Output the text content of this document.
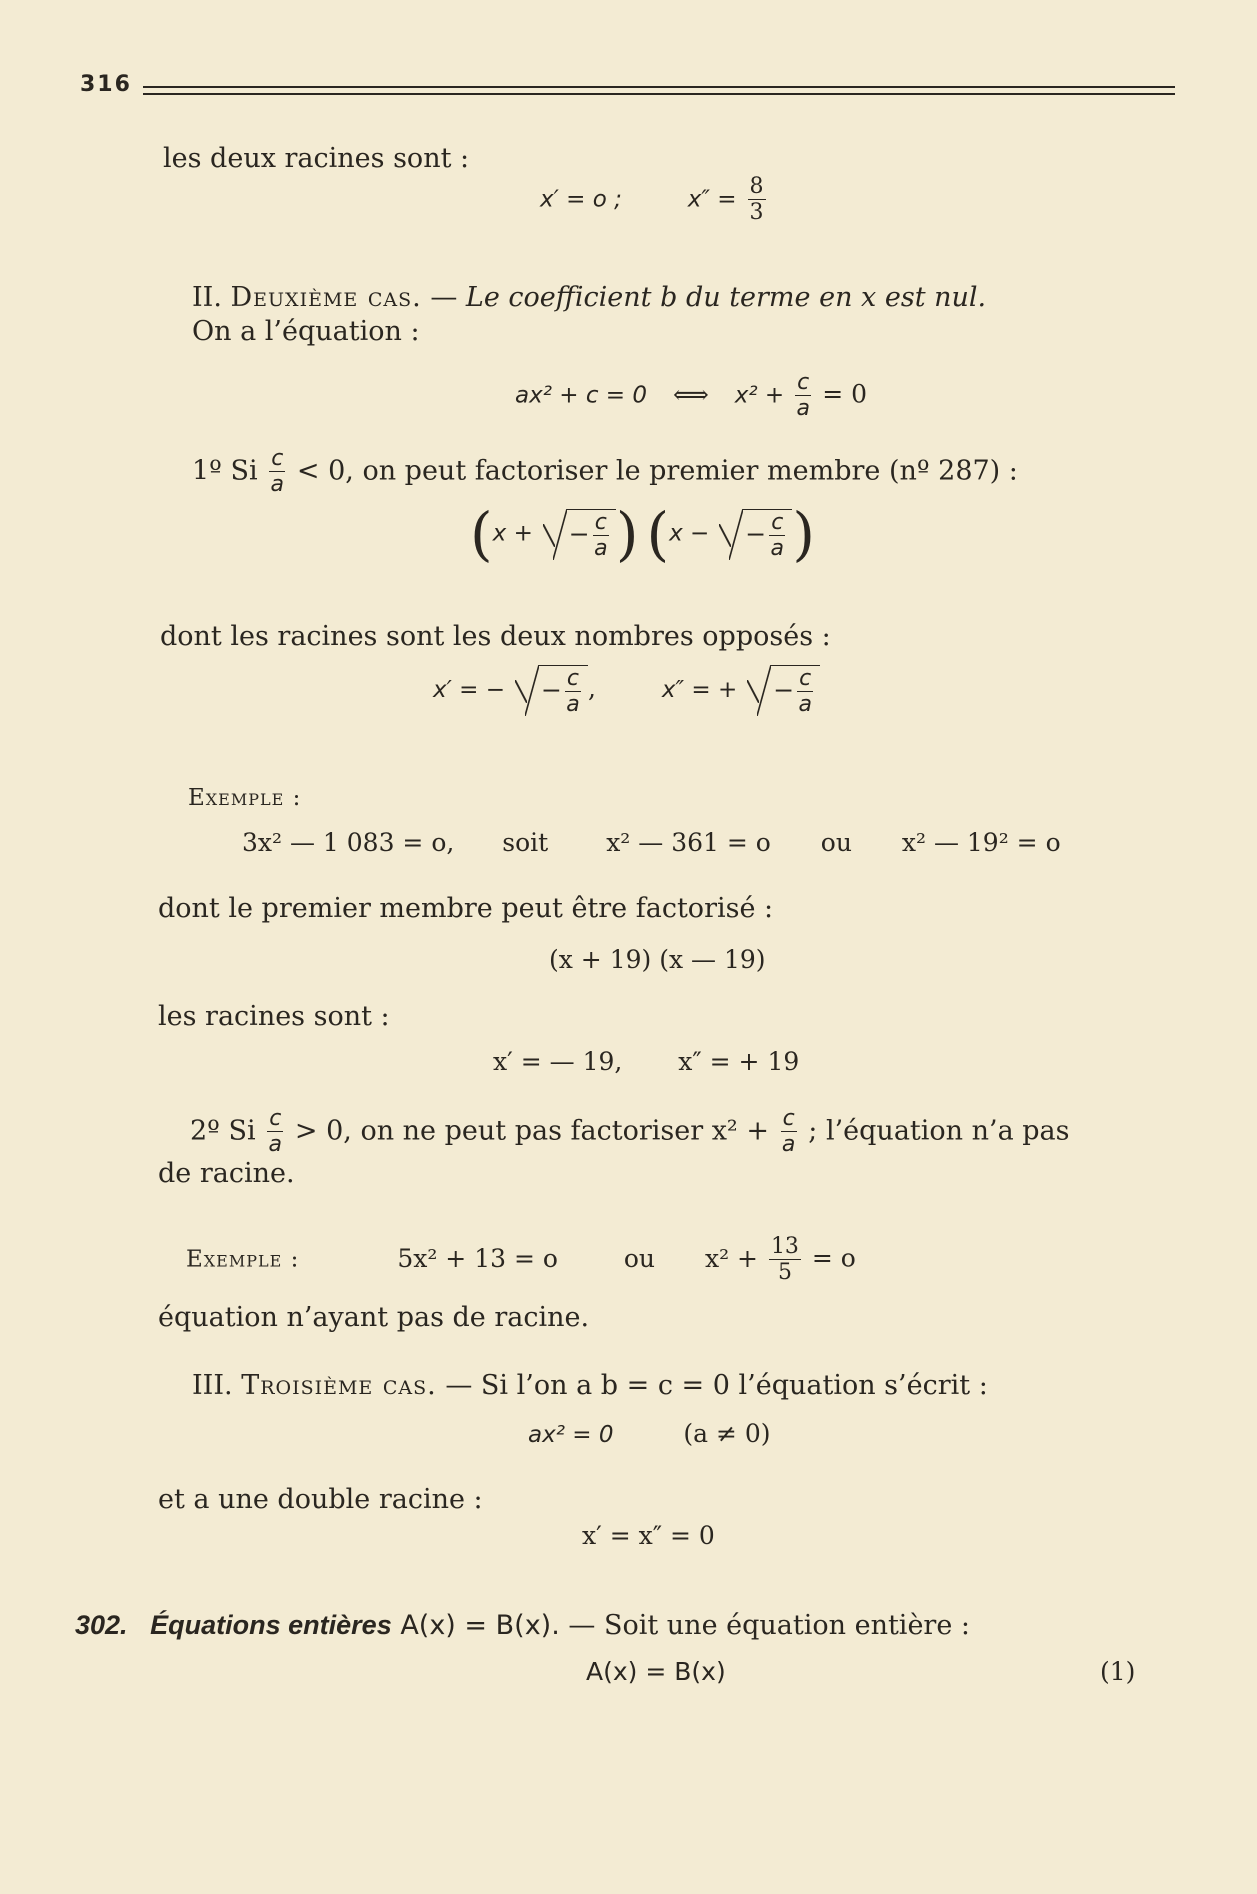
316
les deux racines sont :
x′ = o ;	$x'' = \frac{8}{3}$
II. Deuxième cas. — Le coefficient b du terme en x est nul.
On a l’équation :
ax² + c = 0 ⟺ $x^2 + \frac{c}{a} = 0$
1º Si $\frac{c}{a} < 0$, on peut factoriser le premier membre (nº 287) :
(x + − $\frac{c}{a}$ ) (x − − $\frac{c}{a}$ )
dont les racines sont les deux nombres opposés :
x′ = − − $\frac{c}{a}$ ,	x″ = + − $\frac{c}{a}$
Exemple :
3x² — 1 083 = o, soit x² — 361 = o ou x² — 19² = o
dont le premier membre peut être factorisé :
(x + 19) (x — 19)
les racines sont :
x′ = — 19, x″ = + 19
2º Si $\frac{c}{a} > 0$, on ne peut pas factoriser $x^2 + \frac{c}{a}$ ; l’équation n’a pas
de racine.
Exemple :	5x² + 13 = o	ou $x^2 + \frac{13}{5} = o$
équation n’ayant pas de racine.
III. Troisième cas. — Si l’on a b = c = 0 l’équation s’écrit :
ax² = 0	(a ≠ 0)
et a une double racine :
x′ = x″ = 0
302. Équations entières A(x) = B(x). — Soit une équation entière :
A(x) = B(x)	(1)
